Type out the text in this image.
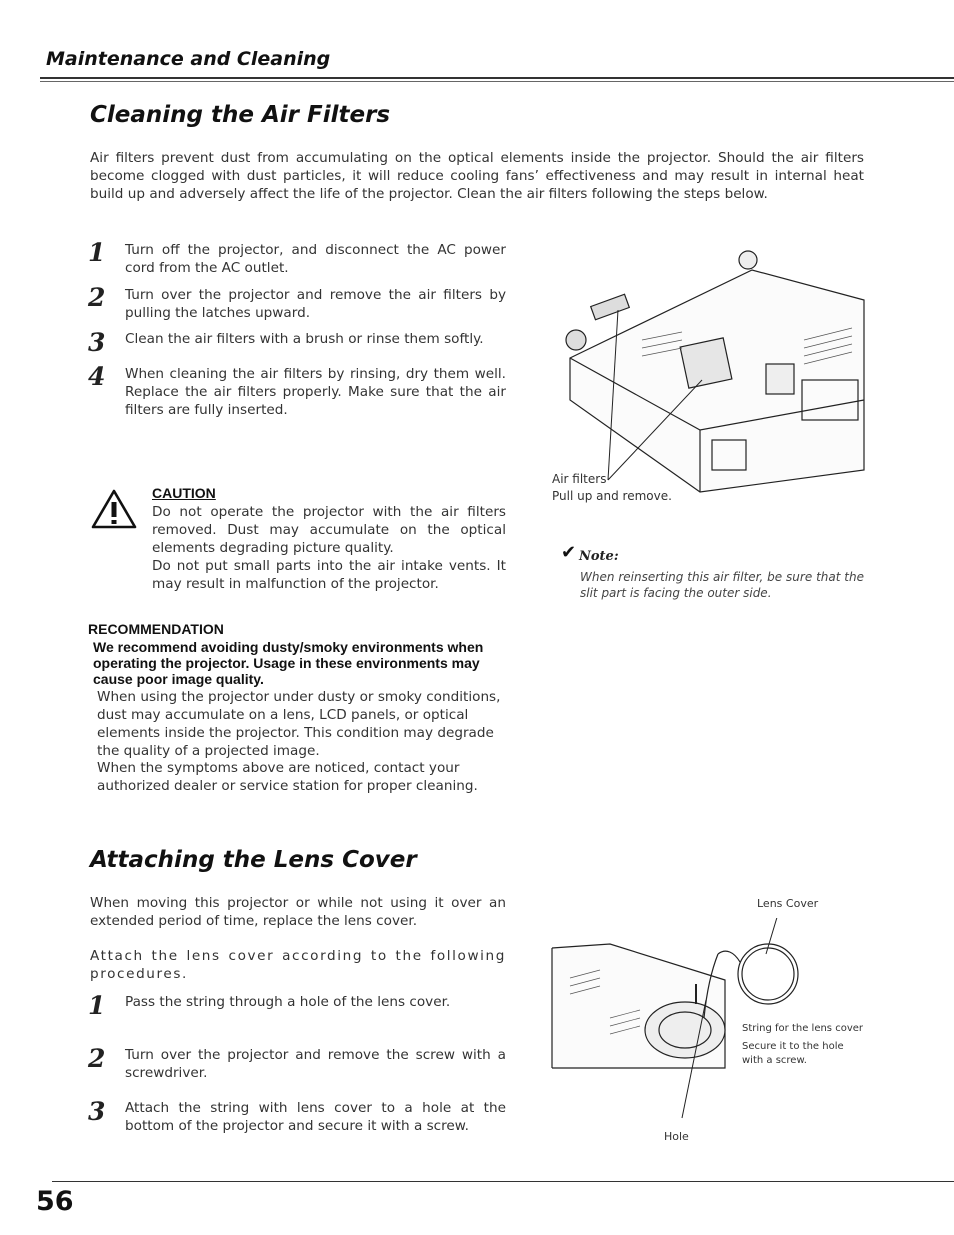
Maintenance and Cleaning
Cleaning the Air Filters
Air filters prevent dust from accumulating on the optical elements inside the projector. Should the air filters become clogged with dust particles, it will reduce cooling fans’ effectiveness and may result in internal heat build up and adversely affect the life of the projector. Clean the air filters following the steps below.
1 Turn off the projector, and disconnect the AC power cord from the AC outlet.
2 Turn over the projector and remove the air filters by pulling the latches upward.
3 Clean the air filters with a brush or rinse them softly.
4 When cleaning the air filters by rinsing, dry them well. Replace the air filters properly. Make sure that the air filters are fully inserted.
Air filters
Pull up and remove.
CAUTION
Do not operate the projector with the air filters removed. Dust may accumulate on the optical elements degrading picture quality.
Do not put small parts into the air intake vents. It may result in malfunction of the projector.
✔ Note:
When reinserting this air filter, be sure that the slit part is facing the outer side.
RECOMMENDATION
We recommend avoiding dusty/smoky environments when operating the projector. Usage in these environments may cause poor image quality.
When using the projector under dusty or smoky conditions, dust may accumulate on a lens, LCD panels, or optical elements inside the projector. This condition may degrade the quality of a projected image.
When the symptoms above are noticed, contact your authorized dealer or service station for proper cleaning.
Attaching the Lens Cover
When moving this projector or while not using it over an extended period of time, replace the lens cover.
Attach the lens cover according to the following procedures.
1 Pass the string through a hole of the lens cover.
2 Turn over the projector and remove the screw with a screwdriver.
3 Attach the string with lens cover to a hole at the bottom of the projector and secure it with a screw.
Lens Cover
String for the lens cover
Secure it to the hole with a screw.
Hole
56
